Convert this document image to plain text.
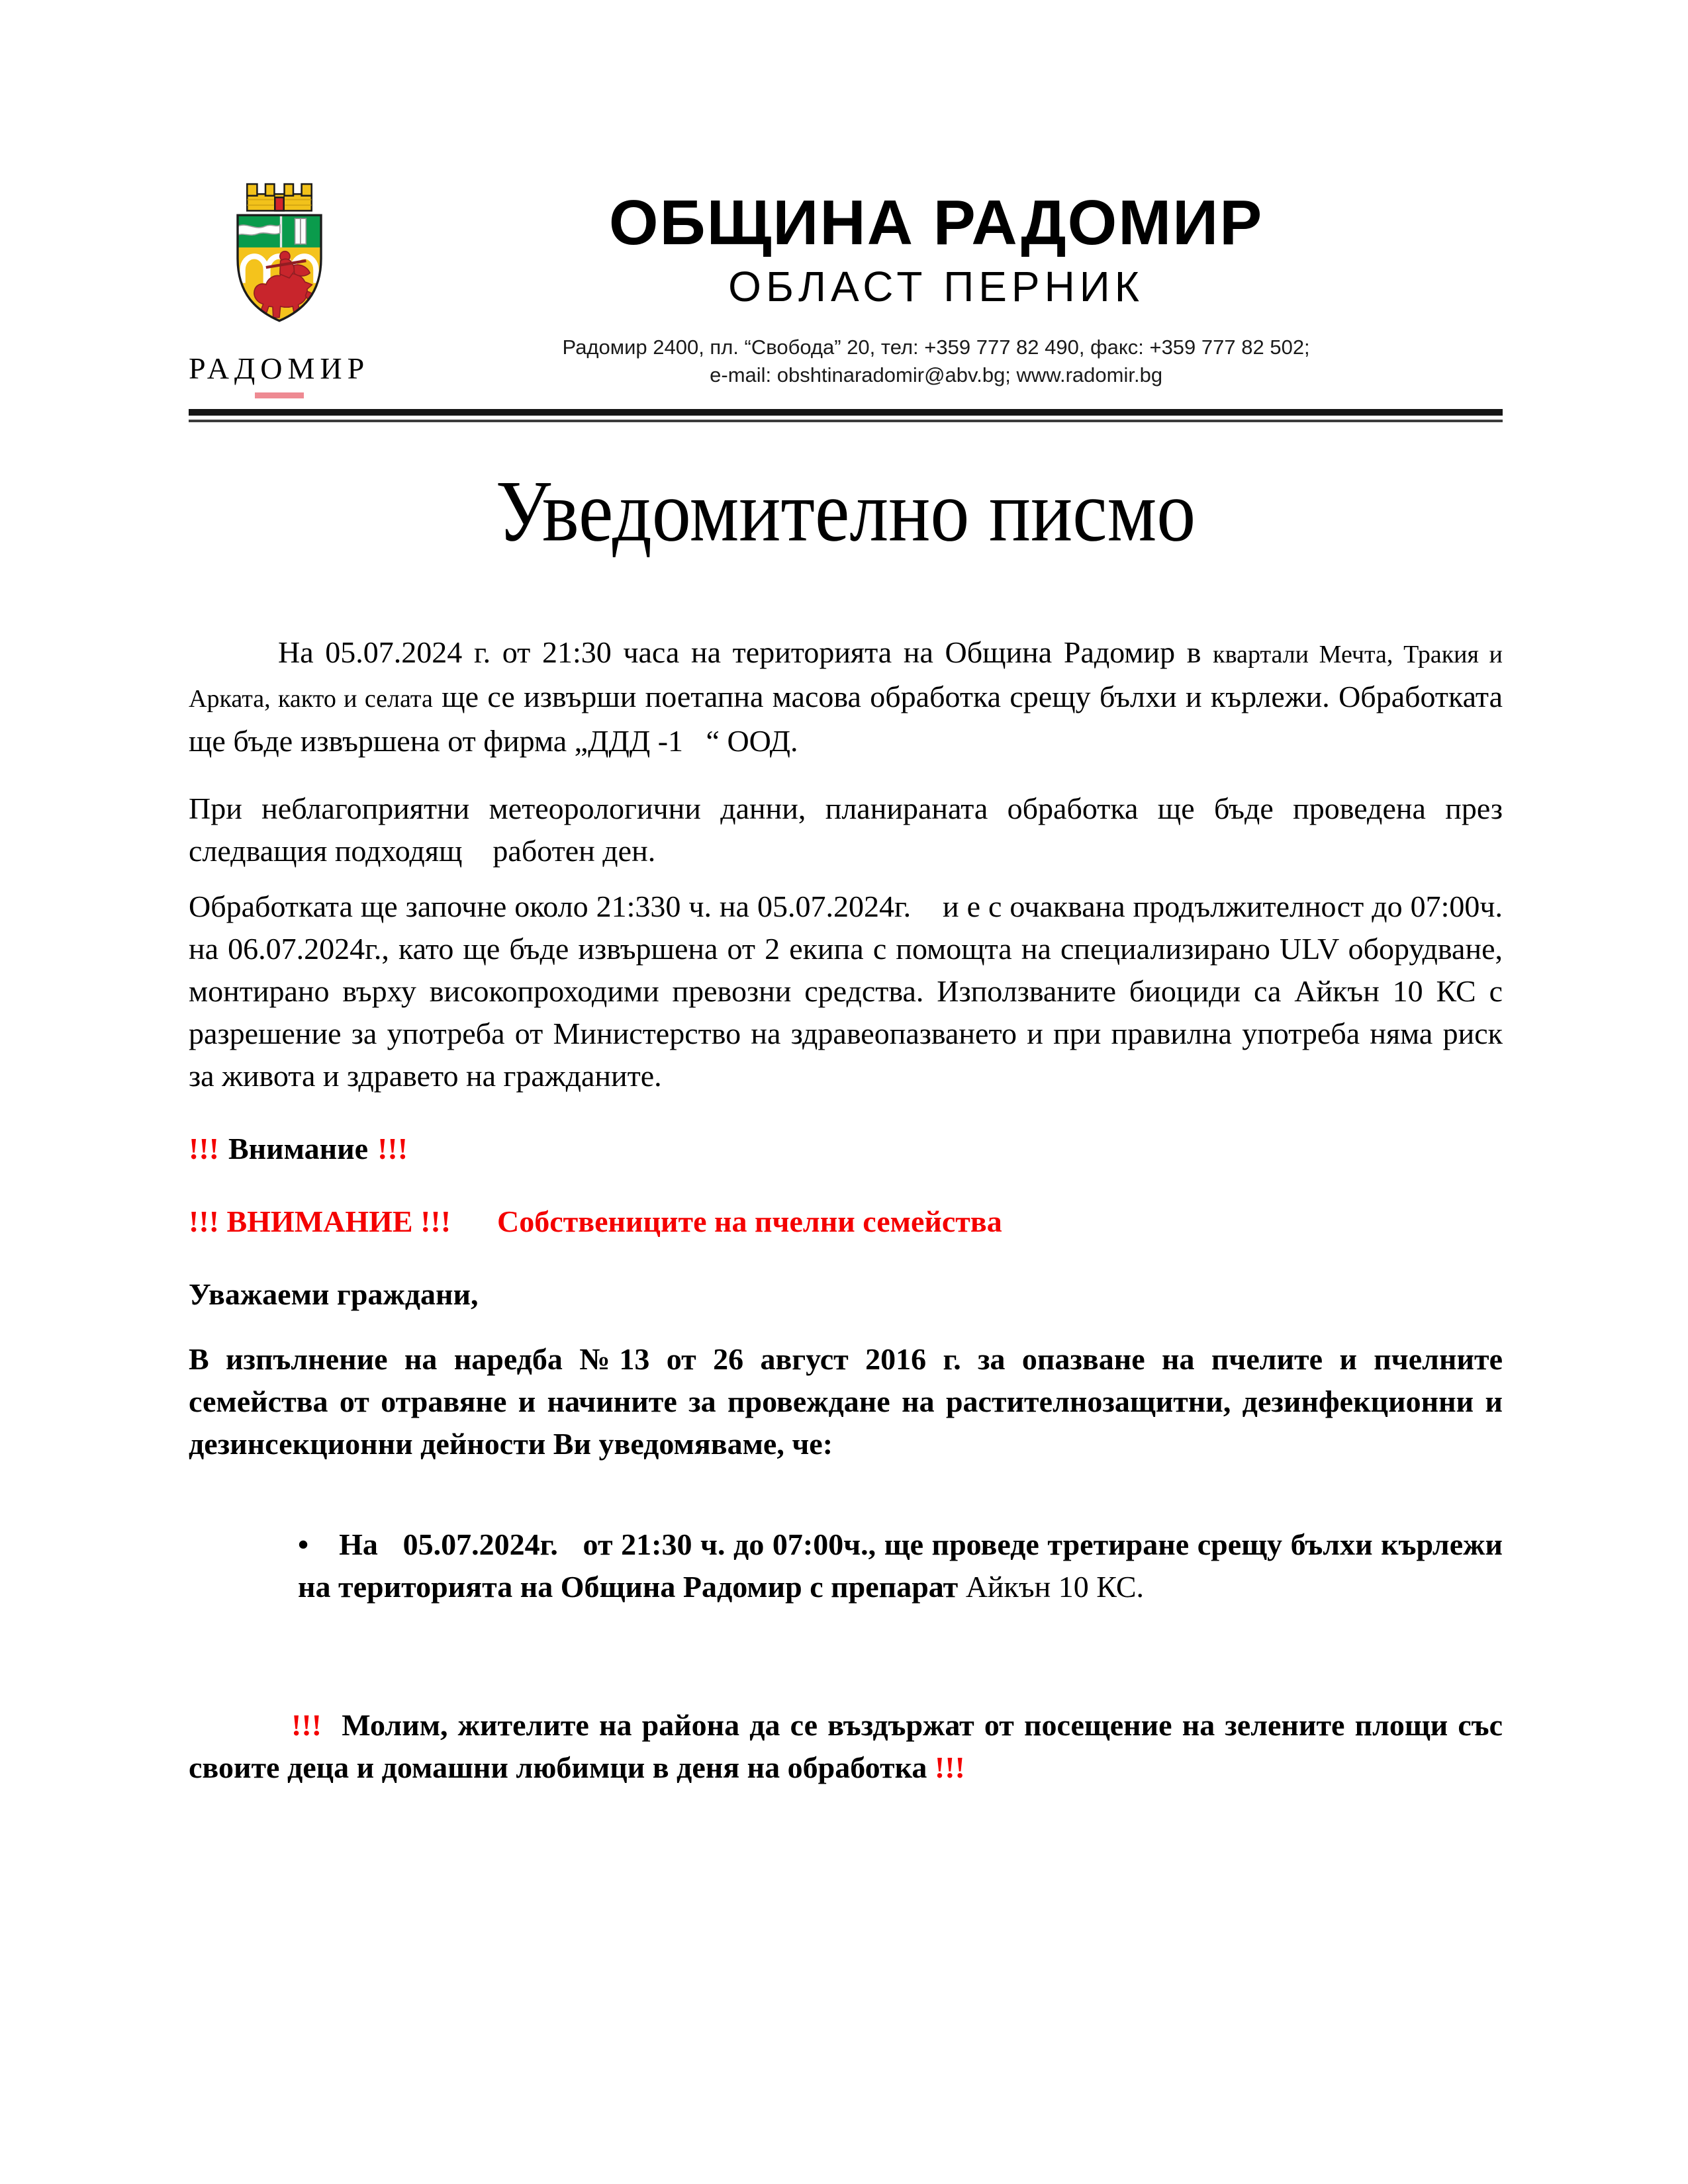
РАДОМИР
ОБЩИНА РАДОМИР
ОБЛАСТ ПЕРНИК
Радомир 2400, пл. “Свобода” 20, тел: +359 777 82 490, факс: +359 777 82 502;
e-mail: obshtinaradomir@abv.bg; www.radomir.bg
Уведомително писмо

На 05.07.2024 г. от 21:30 часа на територията на Община Радомир в квартали Мечта, Тракия и Арката, както и селата ще се извърши поетапна масова обработка срещу бълхи и кърлежи. Обработката ще бъде извършена от фирма „ДДД -1   “ ООД.

При неблагоприятни метеорологични данни, планираната обработка ще бъде проведена през следващия подходящ    работен ден.

Обработката ще започне около 21:330 ч. на 05.07.2024г.    и е с очаквана продължителност до 07:00ч. на 06.07.2024г., като ще бъде извършена от 2 екипа с помощта на специализирано ULV оборудване, монтирано върху високопроходими превозни средства. Използваните биоциди са Айкън 10 КС с разрешение за употреба от Министерство на здравеопазването и при правилна употреба няма риск за живота и здравето на гражданите.

!!! Внимание !!!

!!! ВНИМАНИЕ !!! Собствениците на пчелни семейства

Уважаеми граждани,

В изпълнение на наредба №13 от 26 август 2016 г. за опазване на пчелите и пчелните семейства от отравяне и начините за провеждане на растителнозащитни, дезинфекционни и дезинсекционни дейности Ви уведомяваме, че:

• На   05.07.2024г.   от 21:30 ч. до 07:00ч., ще проведе третиране срещу бълхи кърлежи на територията на Община Радомир с препарат Айкън 10 КС.

!!!  Молим, жителите на района да се въздържат от посещение на зелените площи със своите деца и домашни любимци в деня на обработка !!!
